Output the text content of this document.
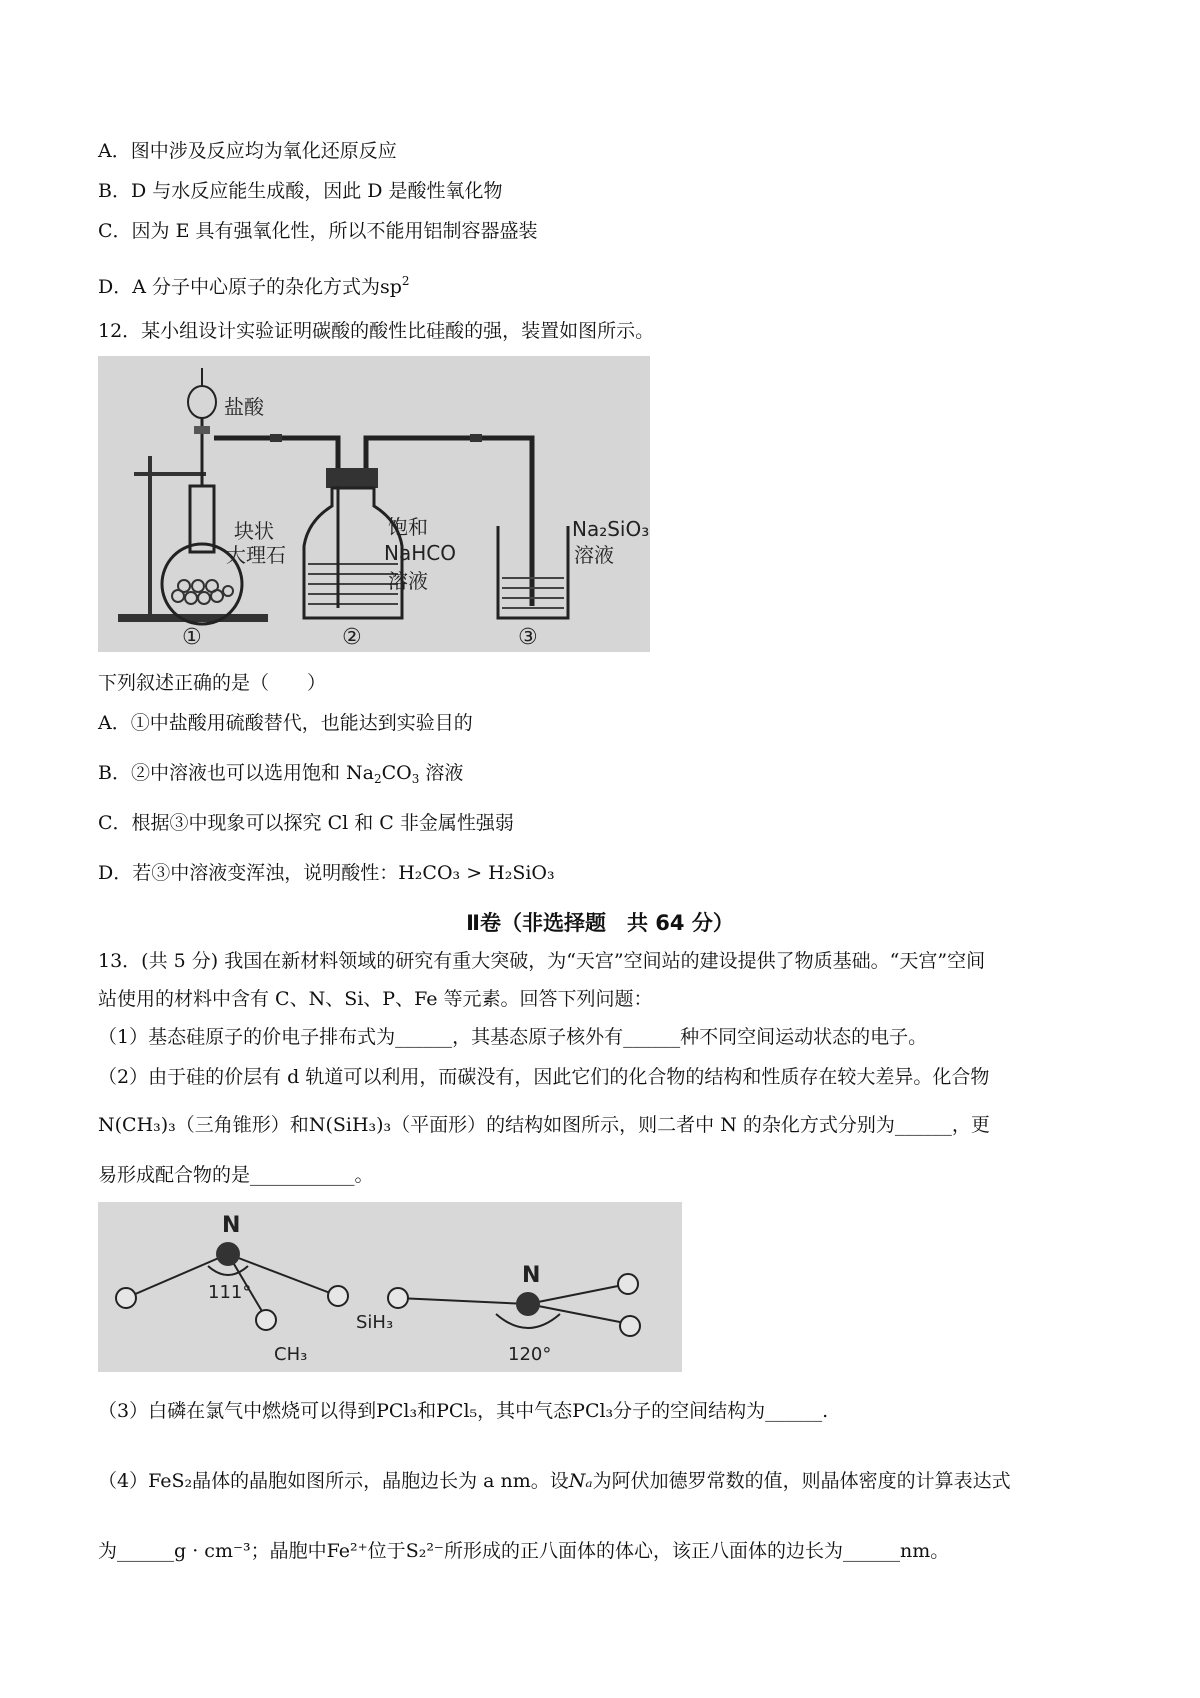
A．图中涉及反应均为氧化还原反应
B．D 与水反应能生成酸，因此 D 是酸性氧化物
C．因为 E 具有强氧化性，所以不能用铝制容器盛装
D．A 分子中心原子的杂化方式为$sp^2$
12．某小组设计实验证明碳酸的酸性比硅酸的强，装置如图所示。
盐酸
块状
大理石
饱和
NaHCO
溶液
Na₂SiO₃
溶液
①	②	③
下列叙述正确的是（　　）
A．①中盐酸用硫酸替代，也能达到实验目的
B．②中溶液也可以选用饱和 $Na_2CO_3$ 溶液
C．根据③中现象可以探究 Cl 和 C 非金属性强弱
D．若③中溶液变浑浊，说明酸性：H₂CO₃ > H₂SiO₃
Ⅱ卷（非选择题　共 64 分）
13．(共 5 分) 我国在新材料领域的研究有重大突破，为“天宫”空间站的建设提供了物质基础。“天宫”空间
站使用的材料中含有 C、N、Si、P、Fe 等元素。回答下列问题：
（1）基态硅原子的价电子排布式为______，其基态原子核外有______种不同空间运动状态的电子。
（2）由于硅的价层有 d 轨道可以利用，而碳没有，因此它们的化合物的结构和性质存在较大差异。化合物
N(CH₃)₃（三角锥形）和N(SiH₃)₃（平面形）的结构如图所示，则二者中 N 的杂化方式分别为______，更
易形成配合物的是___________。
N
111°
CH₃
SiH₃
N
120°
（3）白磷在氯气中燃烧可以得到PCl₃和PCl₅，其中气态PCl₃分子的空间结构为______.
（4）FeS₂晶体的晶胞如图所示，晶胞边长为 a nm。设Nₐ为阿伏加德罗常数的值，则晶体密度的计算表达式
为______g · cm⁻³；晶胞中Fe²⁺位于S₂²⁻所形成的正八面体的体心，该正八面体的边长为______nm。
